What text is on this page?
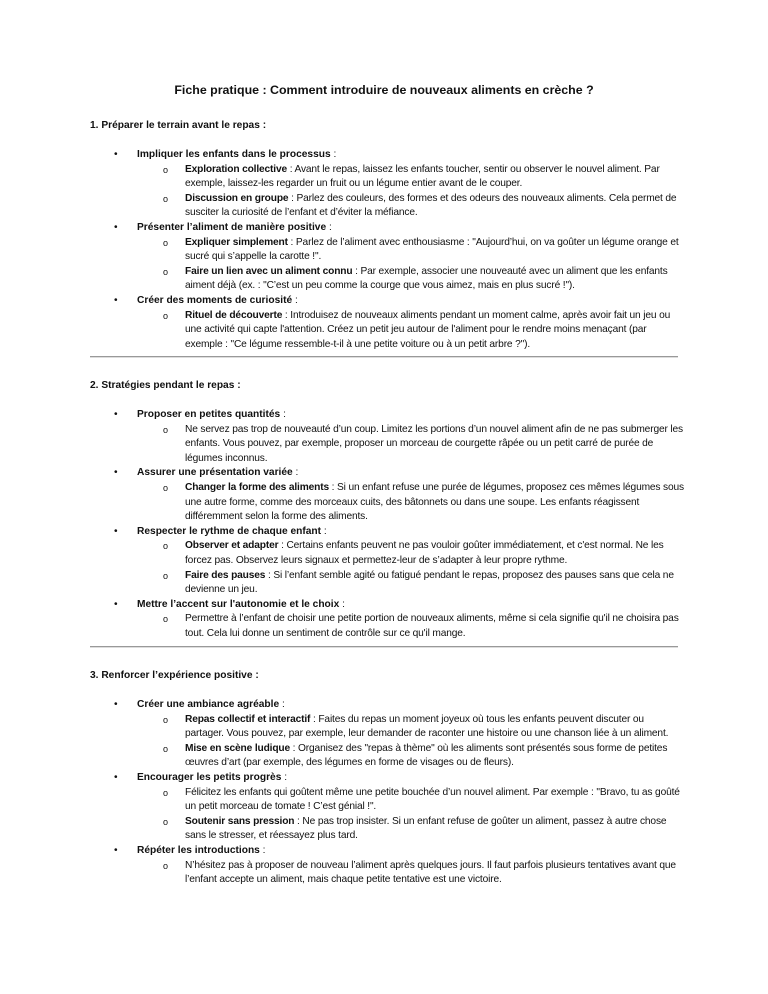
Fiche pratique : Comment introduire de nouveaux aliments en crèche ?
1. Préparer le terrain avant le repas :
• Impliquer les enfants dans le processus :
o Exploration collective : Avant le repas, laissez les enfants toucher, sentir ou observer le nouvel aliment. Par exemple, laissez-les regarder un fruit ou un légume entier avant de le couper.
o Discussion en groupe : Parlez des couleurs, des formes et des odeurs des nouveaux aliments. Cela permet de susciter la curiosité de l’enfant et d’éviter la méfiance.
• Présenter l’aliment de manière positive :
o Expliquer simplement : Parlez de l’aliment avec enthousiasme : "Aujourd’hui, on va goûter un légume orange et sucré qui s’appelle la carotte !".
o Faire un lien avec un aliment connu : Par exemple, associer une nouveauté avec un aliment que les enfants aiment déjà (ex. : "C’est un peu comme la courge que vous aimez, mais en plus sucré !").
• Créer des moments de curiosité :
o Rituel de découverte : Introduisez de nouveaux aliments pendant un moment calme, après avoir fait un jeu ou une activité qui capte l'attention. Créez un petit jeu autour de l'aliment pour le rendre moins menaçant (par exemple : "Ce légume ressemble-t-il à une petite voiture ou à un petit arbre ?").
2. Stratégies pendant le repas :
• Proposer en petites quantités :
o Ne servez pas trop de nouveauté d’un coup. Limitez les portions d’un nouvel aliment afin de ne pas submerger les enfants. Vous pouvez, par exemple, proposer un morceau de courgette râpée ou un petit carré de purée de légumes inconnus.
• Assurer une présentation variée :
o Changer la forme des aliments : Si un enfant refuse une purée de légumes, proposez ces mêmes légumes sous une autre forme, comme des morceaux cuits, des bâtonnets ou dans une soupe. Les enfants réagissent différemment selon la forme des aliments.
• Respecter le rythme de chaque enfant :
o Observer et adapter : Certains enfants peuvent ne pas vouloir goûter immédiatement, et c'est normal. Ne les forcez pas. Observez leurs signaux et permettez-leur de s’adapter à leur propre rythme.
o Faire des pauses : Si l’enfant semble agité ou fatigué pendant le repas, proposez des pauses sans que cela ne devienne un jeu.
• Mettre l’accent sur l'autonomie et le choix :
o Permettre à l’enfant de choisir une petite portion de nouveaux aliments, même si cela signifie qu'il ne choisira pas tout. Cela lui donne un sentiment de contrôle sur ce qu'il mange.
3. Renforcer l’expérience positive :
• Créer une ambiance agréable :
o Repas collectif et interactif : Faites du repas un moment joyeux où tous les enfants peuvent discuter ou partager. Vous pouvez, par exemple, leur demander de raconter une histoire ou une chanson liée à un aliment.
o Mise en scène ludique : Organisez des "repas à thème" où les aliments sont présentés sous forme de petites œuvres d’art (par exemple, des légumes en forme de visages ou de fleurs).
• Encourager les petits progrès :
o Félicitez les enfants qui goûtent même une petite bouchée d’un nouvel aliment. Par exemple : "Bravo, tu as goûté un petit morceau de tomate ! C’est génial !".
o Soutenir sans pression : Ne pas trop insister. Si un enfant refuse de goûter un aliment, passez à autre chose sans le stresser, et réessayez plus tard.
• Répéter les introductions :
o N’hésitez pas à proposer de nouveau l’aliment après quelques jours. Il faut parfois plusieurs tentatives avant que l’enfant accepte un aliment, mais chaque petite tentative est une victoire.
